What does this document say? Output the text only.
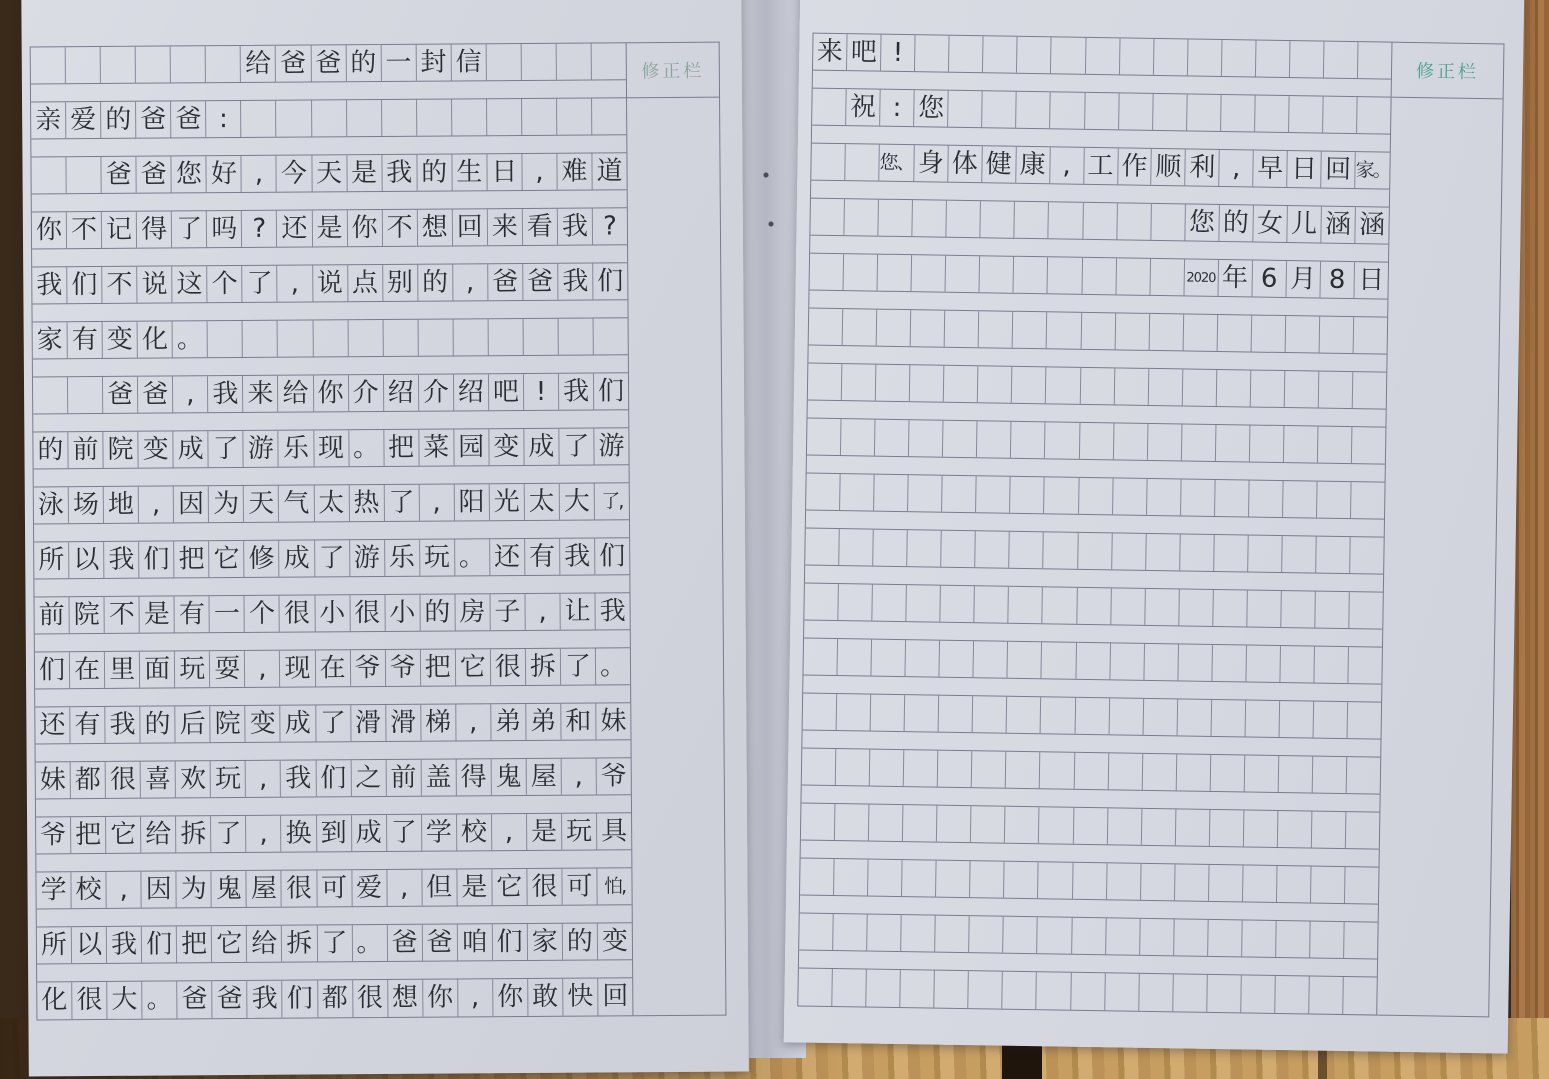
给 爸 爸 的 一 封 信
亲 爱 的 爸 爸 :
爸 爸 您 好 , 今 天 是 我 的 生 日 , 难 道
你 不 记 得 了 吗 ? 还 是 你 不 想 回 来 看 我 ?
我 们 不 说 这 个 了 , 说 点 别 的 , 爸 爸 我 们
家 有 变 化 。
爸 爸 , 我 来 给 你 介 绍 介 绍 吧 ! 我 们
的 前 院 变 成 了 游 乐 现 。 把 菜 园 变 成 了 游
泳 场 地 , 因 为 天 气 太 热 了 , 阳 光 太 大 了,
所 以 我 们 把 它 修 成 了 游 乐 玩 。 还 有 我 们
前 院 不 是 有 一 个 很 小 很 小 的 房 子 , 让 我
们 在 里 面 玩 耍 , 现 在 爷 爷 把 它 很 拆 了 。
还 有 我 的 后 院 变 成 了 滑 滑 梯 , 弟 弟 和 妹
妹 都 很 喜 欢 玩 , 我 们 之 前 盖 得 鬼 屋 , 爷
爷 把 它 给 拆 了 , 换 到 成 了 学 校 , 是 玩 具
学 校 , 因 为 鬼 屋 很 可 爱 , 但 是 它 很 可 怕,
所 以 我 们 把 它 给 拆 了 。 爸 爸 咱 们 家 的 变
化 很 大 。 爸 爸 我 们 都 很 想 你 , 你 敢 快 回
修正栏
来 吧 !
祝 : 您
您、 身 体 健 康 , 工 作 顺 利 , 早 日 回 家。
您 的 女 儿 涵 涵
2020 年 6 月 8 日
修正栏
